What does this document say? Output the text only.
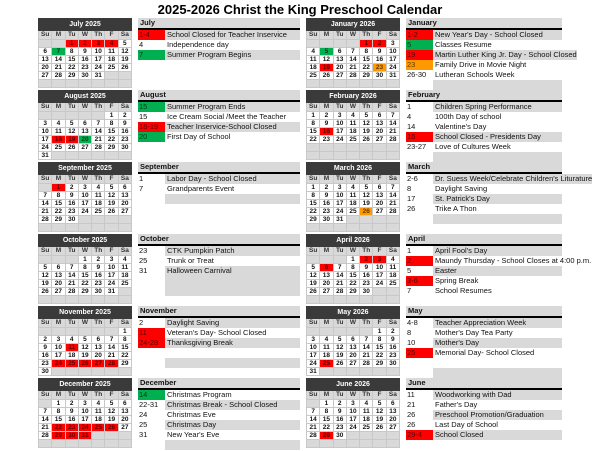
2025-2026 Christ the King Preschool Calendar
July 2025						
Su	M	Tu	W	Th	F	Sa
		1	2	3	4	5
6	7	8	9	10	11	12
13	14	15	16	17	18	19
20	21	22	23	24	25	26
27	28	29	30	31		

July
1-4	School Closed for Teacher Inservice
4	Independence day
7	Summer Program Begins
August 2025						
Su	M	Tu	W	Th	F	Sa
					1	2
3	4	5	6	7	8	9
10	11	12	13	14	15	16
17	18	19	20	21	22	23
24	25	26	27	28	29	30
31						
August
15	Summer Program Ends
15	Ice Cream Social /Meet the Teacher
18-19	Teacher Inservice-School Closed
20	First Day of School
September 2025						
Su	M	Tu	W	Th	F	Sa
	1	2	3	4	5	6
7	8	9	10	11	12	13
14	15	16	17	18	19	20
21	22	23	24	25	26	27
28	29	30				

September
1	Labor Day - School Closed
7	Grandparents Event
October 2025						
Su	M	Tu	W	Th	F	Sa
			1	2	3	4
5	6	7	8	9	10	11
12	13	14	15	16	17	18
19	20	21	22	23	24	25
26	27	28	29	30	31	

October
23	CTK Pumpkin Patch
25	Trunk or Treat
31	Halloween Carnival
November 2025						
Su	M	Tu	W	Th	F	Sa
						1
2	3	4	5	6	7	8
9	10	11	12	13	14	15
16	17	18	19	20	21	22
23	24	25	26	27	28	29
30						
November
2	Daylight Saving
11	Veteran's Day- School Closed
24-28	Thanksgiving Break
December 2025						
Su	M	Tu	W	Th	F	Sa
	1	2	3	4	5	6
7	8	9	10	11	12	13
14	15	16	17	18	19	20
21	22	23	24	25	26	27
28	29	30	31			

December
14	Christmas Program
22-31	Christmas Break - School Closed
24	Christmas Eve
25	Christmas Day
31	New Year's Eve
January 2026						
Su	M	Tu	W	Th	F	Sa
				1	2	3
4	5	6	7	8	9	10
11	12	13	14	15	16	17
18	19	20	21	22	23	24
25	26	27	28	29	30	31

January
1-2	New Year's Day - School Closed
5	Classes Resume
19	Martin Luther King Jr. Day - School Closed
23	Family Drive in Movie Night
26-30	Lutheran Schools Week
February 2026						
Su	M	Tu	W	Th	F	Sa
1	2	3	4	5	6	7
8	9	10	11	12	13	14
15	16	17	18	19	20	21
22	23	24	25	26	27	28

February
1	Children Spring Performance
4	100th Day of school
14	Valentine's Day
16	School Closed - Presidents Day
23-27	Love of Cultures Week
March 2026						
Su	M	Tu	W	Th	F	Sa
1	2	3	4	5	6	7
8	9	10	11	12	13	14
15	16	17	18	19	20	21
22	23	24	25	26	27	28
29	30	31				

March
2-6	Dr. Suess Week/Celebrate Children's Liturature
8	Daylight Saving
17	St. Patrick's Day
26	Trike A Thon
April 2026						
Su	M	Tu	W	Th	F	Sa
			1	2	3	4
5	6	7	8	9	10	11
12	13	14	15	16	17	18
19	20	21	22	23	24	25
26	27	28	29	30		

April
1	April Fool's Day
2	Maundy Thursday - School Closes at 4:00 p.m.
5	Easter
3-6	Spring Break
7	School Resumes
May 2026						
Su	M	Tu	W	Th	F	Sa
					1	2
3	4	5	6	7	8	9
10	11	12	13	14	15	16
17	18	19	20	21	22	23
24	25	26	27	28	29	30
31						
May
4-8	Teacher Appreciation Week
8	Mother's Day Tea Party
10	Mother's Day
25	Memorial Day- School Closed
June 2026						
Su	M	Tu	W	Th	F	Sa
	1	2	3	4	5	6
7	8	9	10	11	12	13
14	15	16	17	18	19	20
21	22	23	24	25	26	27
28	29	30				

June
11	Woodworking with Dad
21	Father's Day
26	Preschool Promotion/Graduation
26	Last Day of School
29-4	School Closed
